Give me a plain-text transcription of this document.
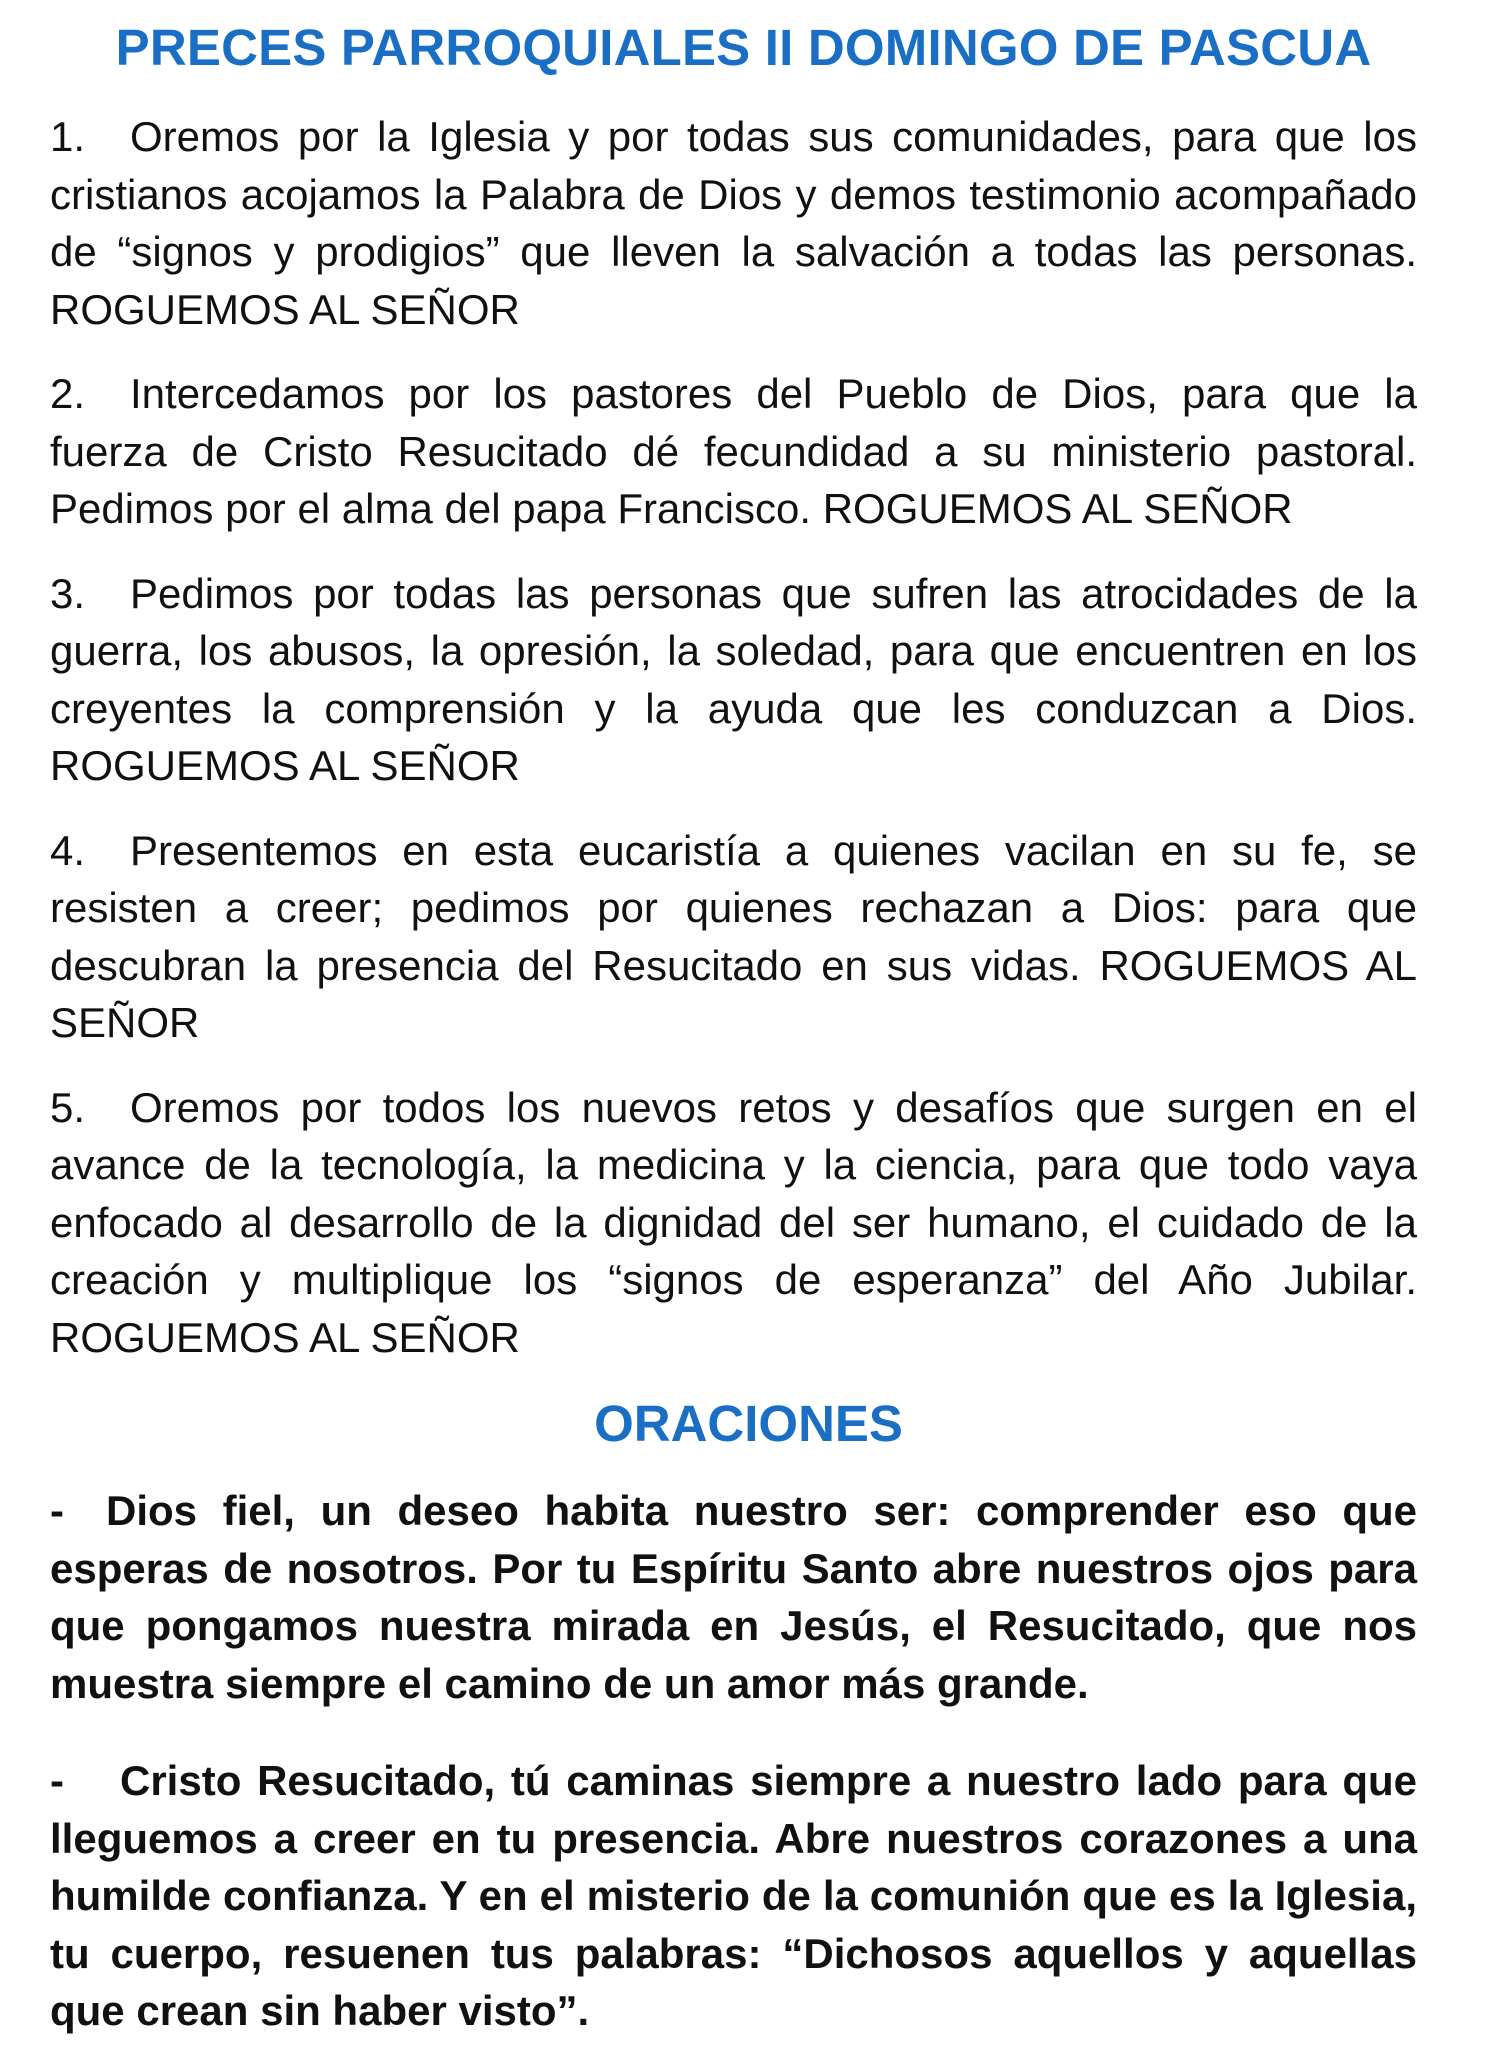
PRECES PARROQUIALES II DOMINGO DE PASCUA

1. Oremos por la Iglesia y por todas sus comunidades, para que los cristianos acojamos la Palabra de Dios y demos testimonio acompañado de “signos y prodigios” que lleven la salvación a todas las personas. ROGUEMOS AL SEÑOR

2. Intercedamos por los pastores del Pueblo de Dios, para que la fuerza de Cristo Resucitado dé fecundidad a su ministerio pastoral. Pedimos por el alma del papa Francisco. ROGUEMOS AL SEÑOR

3. Pedimos por todas las personas que sufren las atrocidades de la guerra, los abusos, la opresión, la soledad, para que encuentren en los creyentes la comprensión y la ayuda que les conduzcan a Dios. ROGUEMOS AL SEÑOR

4. Presentemos en esta eucaristía a quienes vacilan en su fe, se resisten a creer; pedimos por quienes rechazan a Dios: para que descubran la presencia del Resucitado en sus vidas. ROGUEMOS AL SEÑOR

5. Oremos por todos los nuevos retos y desafíos que surgen en el avance de la tecnología, la medicina y la ciencia, para que todo vaya enfocado al desarrollo de la dignidad del ser humano, el cuidado de la creación y multiplique los “signos de esperanza” del Año Jubilar. ROGUEMOS AL SEÑOR

ORACIONES

- Dios fiel, un deseo habita nuestro ser: comprender eso que esperas de nosotros. Por tu Espíritu Santo abre nuestros ojos para que pongamos nuestra mirada en Jesús, el Resucitado, que nos muestra siempre el camino de un amor más grande.

- Cristo Resucitado, tú caminas siempre a nuestro lado para que lleguemos a creer en tu presencia. Abre nuestros corazones a una humilde confianza. Y en el misterio de la comunión que es la Iglesia, tu cuerpo, resuenen tus palabras: “Dichosos aquellos y aquellas que crean sin haber visto”.
